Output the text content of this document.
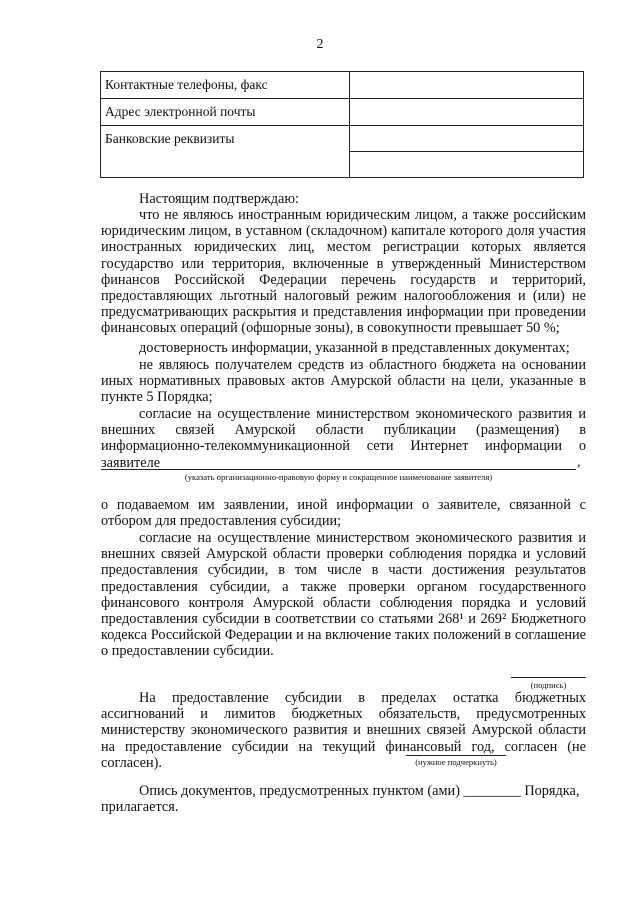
2
Контактные телефоны, факс	
Адрес электронной почты	
Банковские реквизиты	
Настоящим подтверждаю:
что не являюсь иностранным юридическим лицом, а также российским юридическим лицом, в уставном (складочном) капитале которого доля участия иностранных юридических лиц, местом регистрации которых является государство или территория, включенные в утвержденный Министерством финансов Российской Федерации перечень государств и территорий, предоставляющих льготный налоговый режим налогообложения и (или) не предусматривающих раскрытия и представления информации при проведении финансовых операций (офшорные зоны), в совокупности превышает 50 %;
достоверность информации, указанной в представленных документах;
не являюсь получателем средств из областного бюджета на основании иных нормативных правовых актов Амурской области на цели, указанные в пункте 5 Порядка;
согласие на осуществление министерством экономического развития и внешних связей Амурской области публикации (размещения) в информационно-телекоммуникационной сети Интернет информации о заявителе	,
(указать организационно-правовую форму и сокращенное наименование заявителя)
о подаваемом им заявлении, иной информации о заявителе, связанной с отбором для предоставления субсидии;
согласие на осуществление министерством экономического развития и внешних связей Амурской области проверки соблюдения порядка и условий предоставления субсидии, в том числе в части достижения результатов предоставления субсидии, а также проверки органом государственного финансового контроля Амурской области соблюдения порядка и условий предоставления субсидии в соответствии со статьями 268¹ и 269² Бюджетного кодекса Российской Федерации и на включение таких положений в соглашение о предоставлении субсидии.
(подпись)
На предоставление субсидии в пределах остатка бюджетных ассигнований и лимитов бюджетных обязательств, предусмотренных министерству экономического развития и внешних связей Амурской области на предоставление субсидии на текущий финансовый год, согласен (не согласен).	(нужное подчеркнуть)
Опись документов, предусмотренных пунктом (ами) ________ Порядка,
прилагается.
